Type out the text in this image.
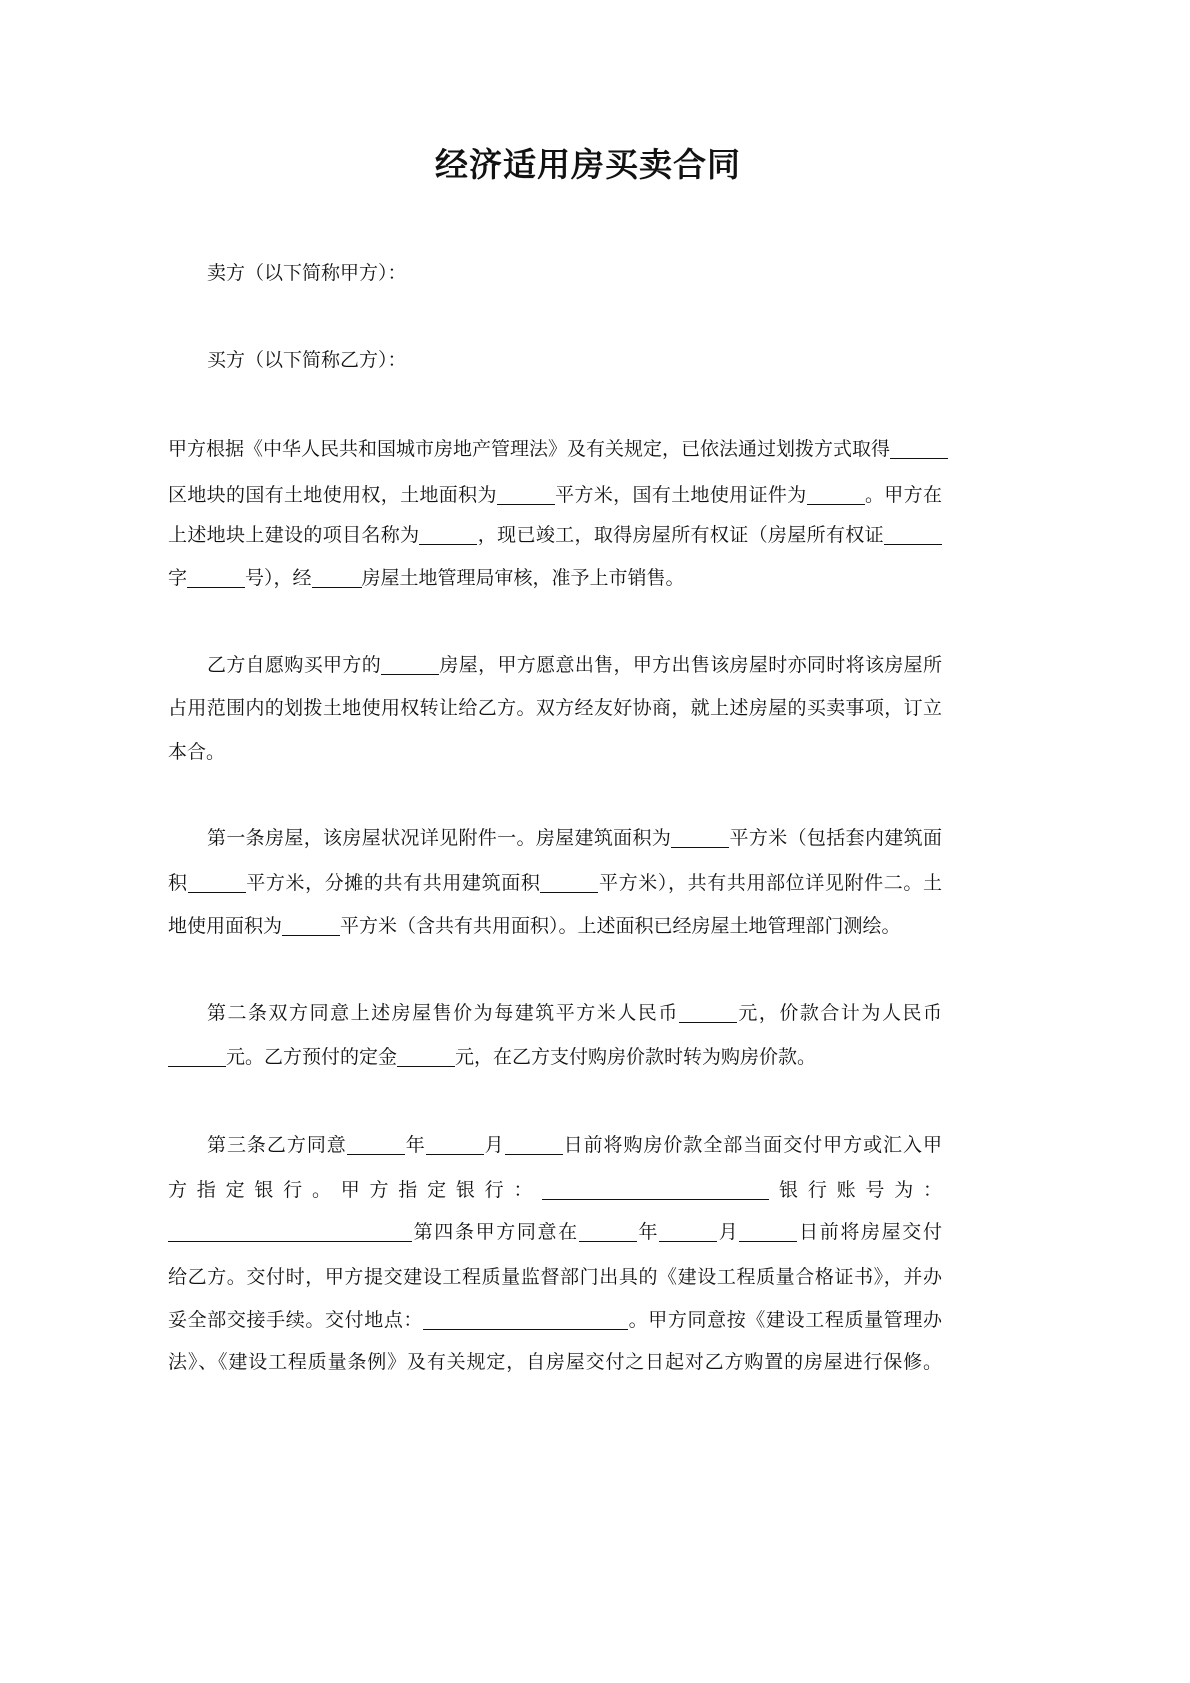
经济适用房买卖合同
卖方（以下简称甲方）：
买方（以下简称乙方）：
甲方根据《中华人民共和国城市房地产管理法》及有关规定，已依法通过划拨方式取得
区地块的国有土地使用权，土地面积为	平方米，国有土地使用证件为	。甲方在
上述地块上建设的项目名称为	，现已竣工，取得房屋所有权证（房屋所有权证
字	号），经	房屋土地管理局审核，准予上市销售。
乙方自愿购买甲方的	房屋，甲方愿意出售，甲方出售该房屋时亦同时将该房屋所
占用范围内的划拨土地使用权转让给乙方。双方经友好协商，就上述房屋的买卖事项，订立
本合。
第一条房屋，该房屋状况详见附件一。房屋建筑面积为	平方米（包括套内建筑面
积	平方米，分摊的共有共用建筑面积	平方米），共有共用部位详见附件二。土
地使用面积为	平方米（含共有共用面积）。上述面积已经房屋土地管理部门测绘。
第二条双方同意上述房屋售价为每建筑平方米人民币	元，价款合计为人民币
元。乙方预付的定金	元，在乙方支付购房价款时转为购房价款。
第三条乙方同意	年	月	日前将购房价款全部当面交付甲方或汇入甲
方指定银行。甲方指定银行：	银行账号为：
第四条甲方同意在	年	月	日前将房屋交付
给乙方。交付时，甲方提交建设工程质量监督部门出具的《建设工程质量合格证书》，并办
妥全部交接手续。交付地点：	。甲方同意按《建设工程质量管理办
法》、《建设工程质量条例》及有关规定，自房屋交付之日起对乙方购置的房屋进行保修。
